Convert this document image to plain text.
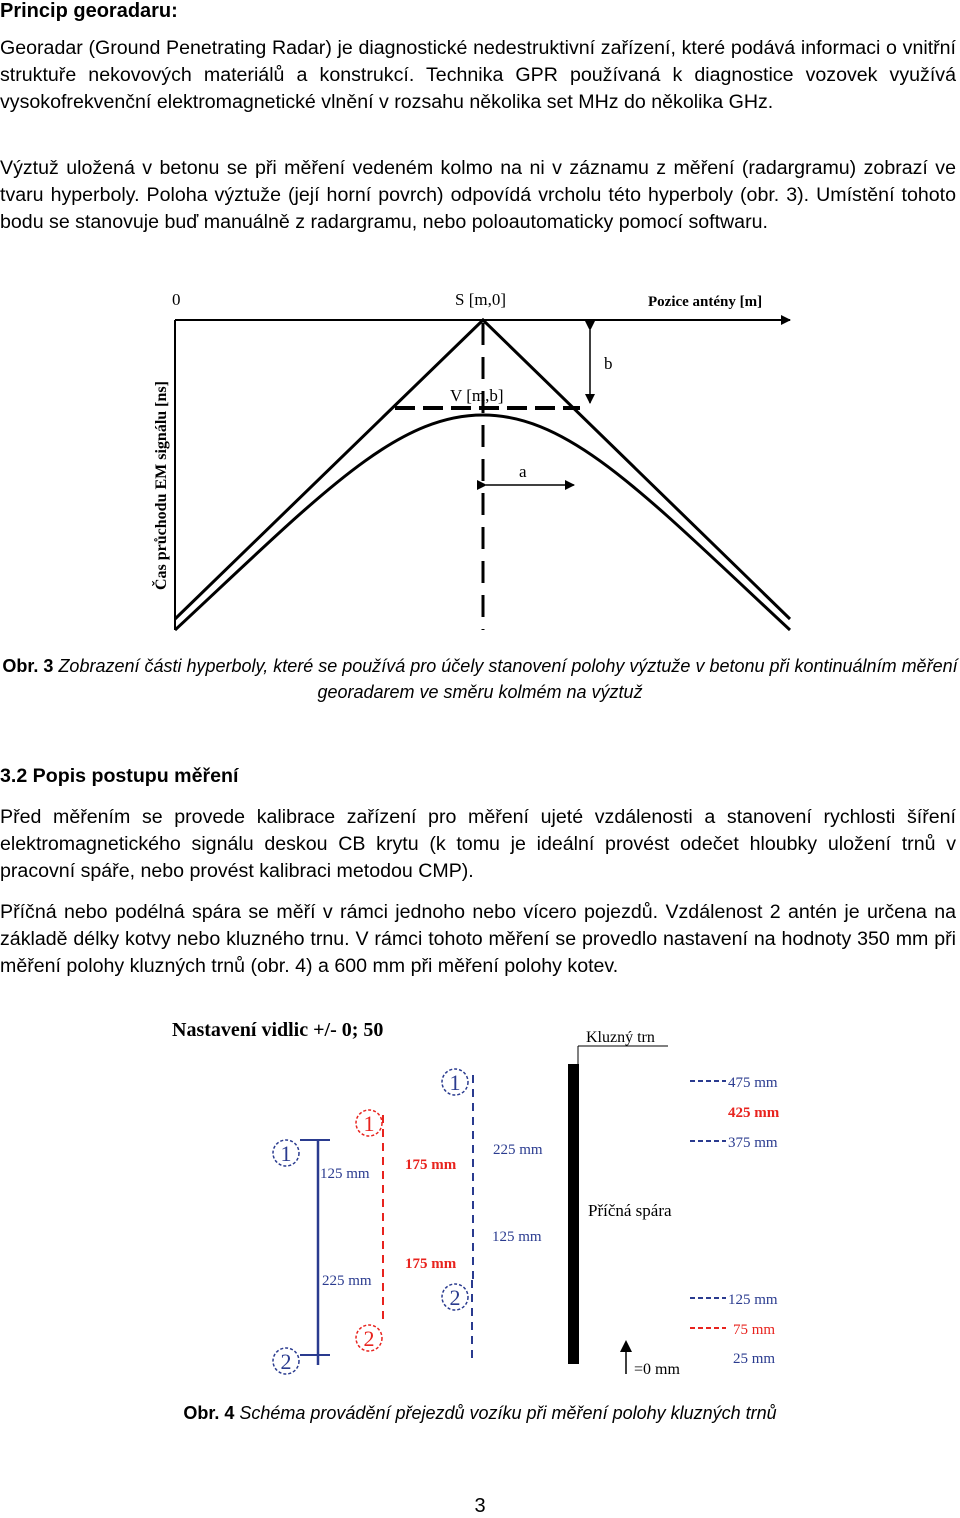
Princip georadaru:
Georadar (Ground Penetrating Radar) je diagnostické nedestruktivní zařízení, které podává informaci o vnitřní struktuře nekovových materiálů a konstrukcí. Technika GPR používaná k diagnostice vozovek využívá vysokofrekvenční elektromagnetické vlnění v rozsahu několika set MHz do několika GHz.
Výztuž uložená v betonu se při měření vedeném kolmo na ni v záznamu z měření (radargramu) zobrazí ve tvaru hyperboly. Poloha výztuže (její horní povrch) odpovídá vrcholu této hyperboly (obr. 3). Umístění tohoto bodu se stanovuje buď manuálně z radargramu, nebo poloautomaticky pomocí softwaru.
0	S [m,0]	Pozice antény [m]
Čas průchodu EM signálu [ns]
b
V [m,b]
a
Obr. 3 Zobrazení části hyperboly, které se používá pro účely stanovení polohy výztuže v betonu při kontinuálním měření georadarem ve směru kolmém na výztuž
3.2 Popis postupu měření
Před měřením se provede kalibrace zařízení pro měření ujeté vzdálenosti a stanovení rychlosti šíření elektromagnetického signálu deskou CB krytu (k tomu je ideální provést odečet hloubky uložení trnů v pracovní spáře, nebo provést kalibraci metodou CMP).
Příčná nebo podélná spára se měří v rámci jednoho nebo vícero pojezdů. Vzdálenost 2 antén je určena na základě délky kotvy nebo kluzného trnu. V rámci tohoto měření se provedlo nastavení na hodnoty 350 mm při měření polohy kluzných trnů (obr. 4) a 600 mm při měření polohy kotev.
Nastavení vidlic +/- 0; 50	Kluzný trn
Příčná spára
1
1
1
2
2
2
125 mm
175 mm
225 mm
225 mm
125 mm
175 mm
475 mm
425 mm
375 mm
125 mm
75 mm
25 mm
=0 mm
Obr. 4 Schéma provádění přejezdů vozíku při měření polohy kluzných trnů
3
